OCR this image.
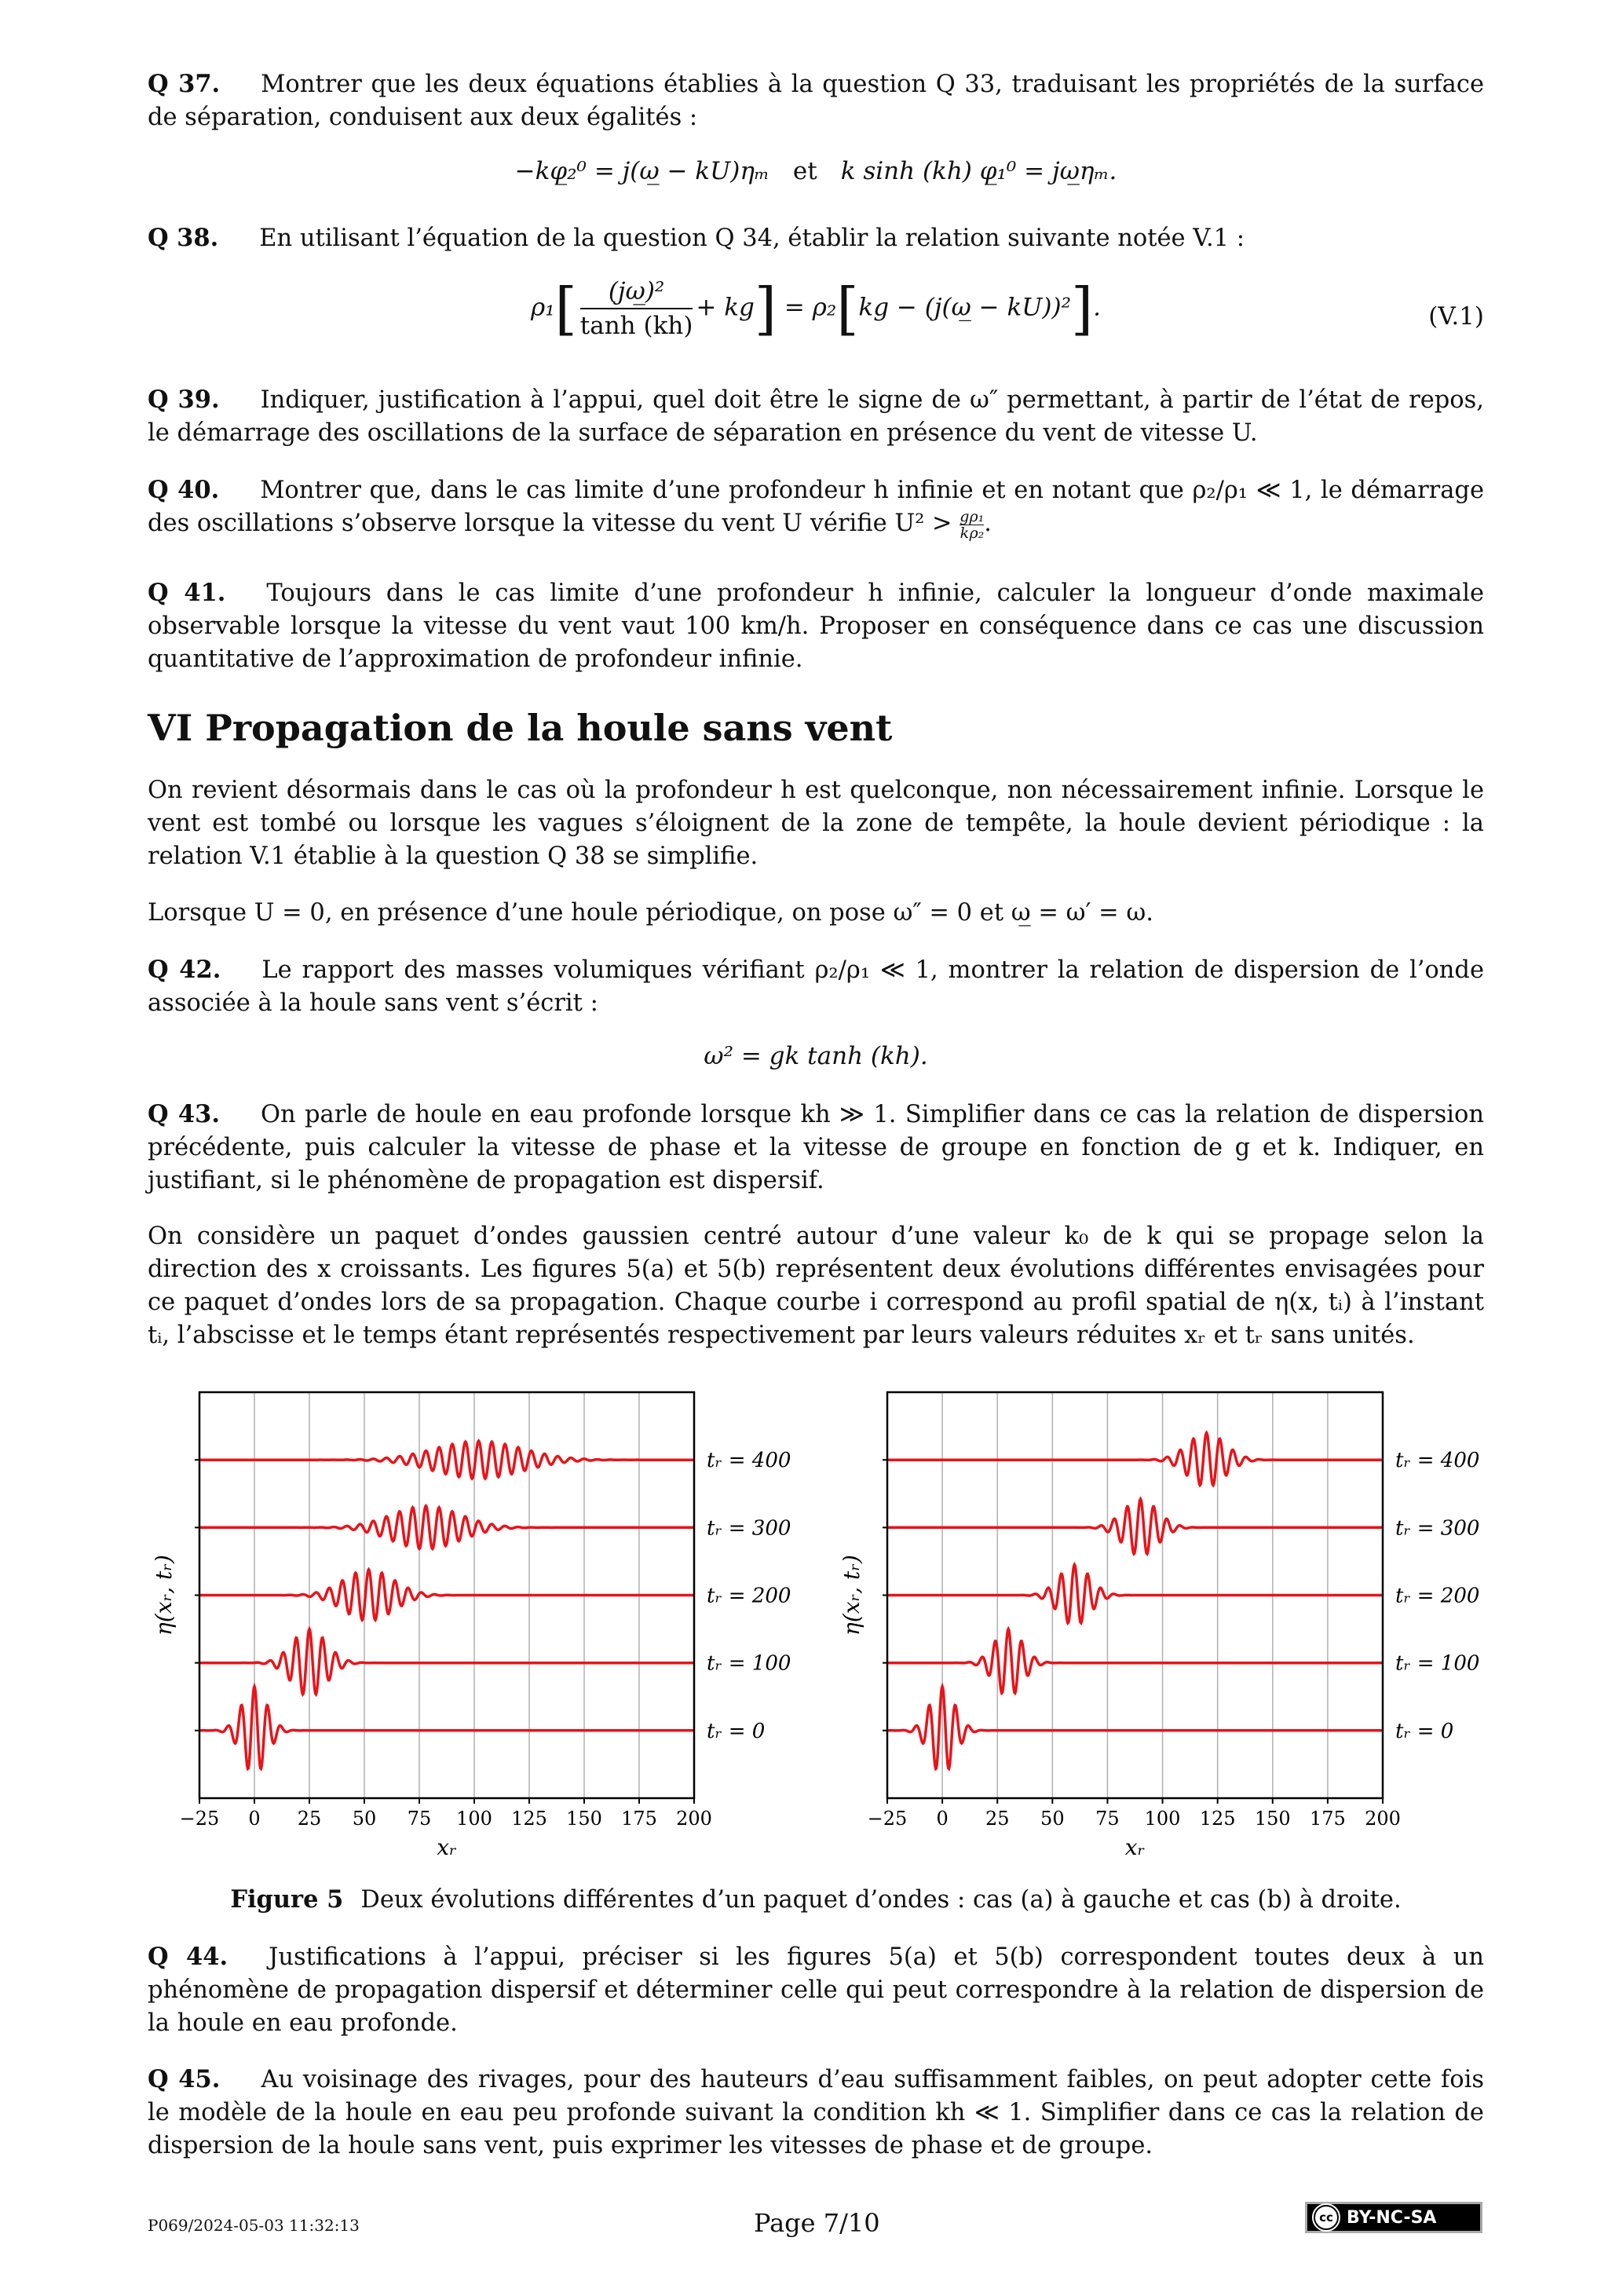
Q 37. Montrer que les deux équations établies à la question Q 33, traduisant les propriétés de la surface de séparation, conduisent aux deux égalités :
−kφ̲₂⁰ = j(ω̲ − kU)ηₘ et k sinh (kh) φ̲₁⁰ = jω̲ηₘ.
Q 38. En utilisant l’équation de la question Q 34, établir la relation suivante notée V.1 :
$\rho_1[ \frac{\text{(jω̲)²}}{\tanh (kh)} + kg] = \rho_2[kg$ − (j(ω̲ − kU))²].	(V.1)
Q 39. Indiquer, justification à l’appui, quel doit être le signe de ω″ permettant, à partir de l’état de repos, le démarrage des oscillations de la surface de séparation en présence du vent de vitesse U.
Q 40. Montrer que, dans le cas limite d’une profondeur h infinie et en notant que ρ₂/ρ₁ ≪ 1, le démarrage des oscillations s’observe lorsque la vitesse du vent U vérifie $U^2 > \frac{g}{k} \frac{\text{ρ₁}}{\text{ρ₂}}$ .
Q 41. Toujours dans le cas limite d’une profondeur h infinie, calculer la longueur d’onde maximale observable lorsque la vitesse du vent vaut 100 km/h. Proposer en conséquence dans ce cas une discussion quantitative de l’approximation de profondeur infinie.
VI Propagation de la houle sans vent
On revient désormais dans le cas où la profondeur h est quelconque, non nécessairement infinie. Lorsque le vent est tombé ou lorsque les vagues s’éloignent de la zone de tempête, la houle devient périodique : la relation V.1 établie à la question Q 38 se simplifie.
Lorsque U = 0, en présence d’une houle périodique, on pose ω″ = 0 et ω̲ = ω′ = ω.
Q 42. Le rapport des masses volumiques vérifiant ρ₂/ρ₁ ≪ 1, montrer la relation de dispersion de l’onde associée à la houle sans vent s’écrit :
ω² = gk tanh (kh).
Q 43. On parle de houle en eau profonde lorsque kh ≫ 1. Simplifier dans ce cas la relation de dispersion précédente, puis calculer la vitesse de phase et la vitesse de groupe en fonction de g et k. Indiquer, en justifiant, si le phénomène de propagation est dispersif.
On considère un paquet d’ondes gaussien centré autour d’une valeur k₀ de k qui se propage selon la direction des x croissants. Les figures 5(a) et 5(b) représentent deux évolutions différentes envisagées pour ce paquet d’ondes lors de sa propagation. Chaque courbe i correspond au profil spatial de η(x, tᵢ) à l’instant tᵢ, l’abscisse et le temps étant représentés respectivement par leurs valeurs réduites xᵣ et tᵣ sans unités.
−25 0 25 50 75 100 125 150 175 200
tᵣ = 0
tᵣ = 100
tᵣ = 200
tᵣ = 300
tᵣ = 400
xᵣ
η(xᵣ, tᵣ)
−25 0 25 50 75 100 125 150 175 200
tᵣ = 0
tᵣ = 100
tᵣ = 200
tᵣ = 300
tᵣ = 400
xᵣ
η(xᵣ, tᵣ)
Figure 5 Deux évolutions différentes d’un paquet d’ondes : cas (a) à gauche et cas (b) à droite.
Q 44. Justifications à l’appui, préciser si les figures 5(a) et 5(b) correspondent toutes deux à un phénomène de propagation dispersif et déterminer celle qui peut correspondre à la relation de dispersion de la houle en eau profonde.
Q 45. Au voisinage des rivages, pour des hauteurs d’eau suffisamment faibles, on peut adopter cette fois le modèle de la houle en eau peu profonde suivant la condition kh ≪ 1. Simplifier dans ce cas la relation de dispersion de la houle sans vent, puis exprimer les vitesses de phase et de groupe.
P069/2024-05-03 11:32:13	Page 7/10	cc BY-NC-SA
